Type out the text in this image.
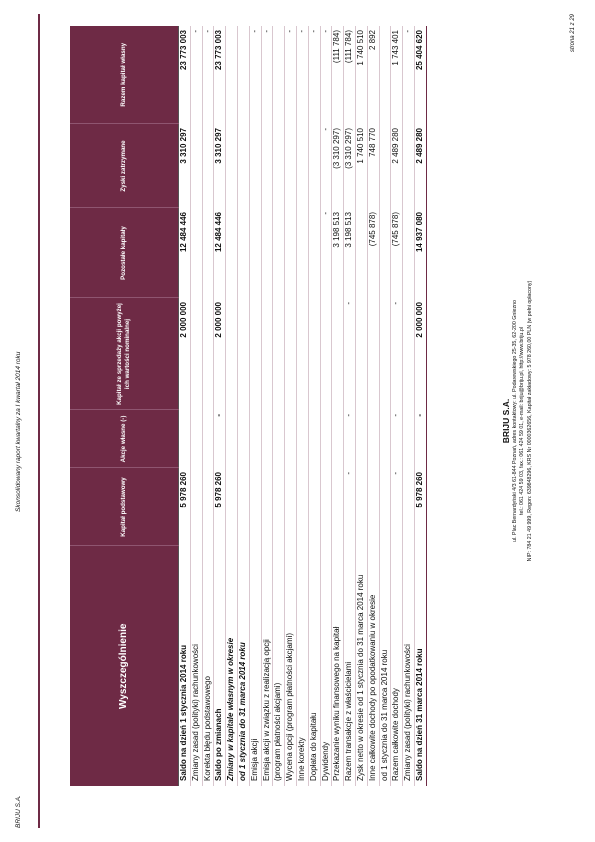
BRIJU S.A.
Skonsolidowany raport kwartalny za I kwartał 2014 roku
Wyszczególnienie	Kapitał podstawowy	Akcje własne (-)	Kapitał ze sprzedaży akcji powyżej ich wartości nominalnej	Pozostałe kapitały	Zyski zatrzymane	Razem kapitał własny
Saldo na dzień 1 stycznia 2014 roku	5 978 260		2 000 000	12 484 446	3 310 297	23 773 003
Zmiany zasad (polityki) rachunkowości						-
Korekta błędu podstawowego						-
Saldo po zmianach	5 978 260	-	2 000 000	12 484 446	3 310 297	23 773 003
Zmiany w kapitale własnym w okresie						
od 1 stycznia do 31 marca 2014 roku						
Emisja akcji						-
Emisja akcji w związku z realizacją opcji						-
(program płatności akcjami)						
Wycena opcji (program płatności akcjami)						-
Inne korekty						-
Dopłata do kapitału						-
Dywidendy				-	-	-
Przekazanie wyniku finansowego na kapitał				3 198 513	(3 310 297)	(111 784)
Razem transakcje z właścicielami	-	-	-	3 198 513	(3 310 297)	(111 784)
Zysk netto w okresie od 1 stycznia do 31 marca 2014 roku					1 740 510	1 740 510
Inne całkowite dochody po opodatkowaniu w okresie				(745 878)	748 770	2 892
od 1 stycznia do 31 marca 2014 roku						
Razem całkowite dochody	-	-	-	(745 878)	2 489 280	1 743 401
Zmiany zasad (polityki) rachunkowości						-
Saldo na dzień 31 marca 2014 roku	5 978 260	-	2 000 000	14 937 080	2 489 280	25 404 620
BRIJU S.A. ul. Plac Bernardyński 4/3 61-844 Poznań, adres kontaktowy: ul. Podarewskiego 25-35, 62-200 Gniezno tel.: 061 424 59 03, fax.: 061 424 59 01, e-mail: briju@briju.pl, http://www.briju.pl NIP: 784 21 49 999, Regon: 639848296, KRS Nr 0000362656, Kapitał zakładowy: 5 978 260,00 PLN (w pełni opłacony)
strona 21 z 29
